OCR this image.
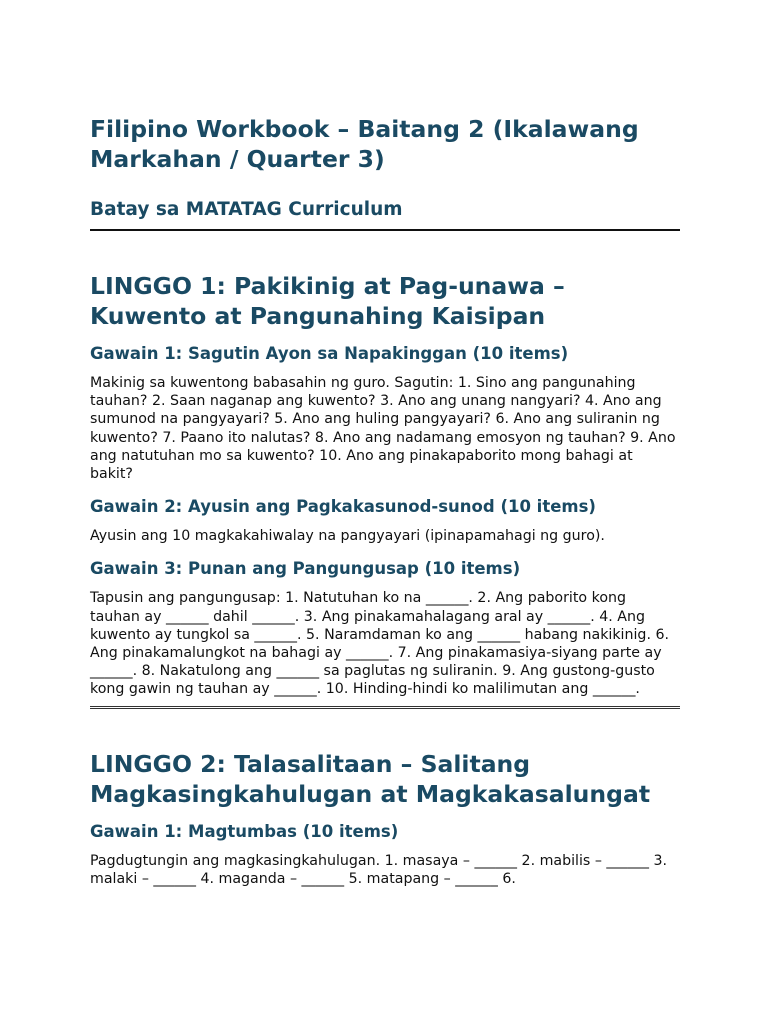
Filipino Workbook – Baitang 2 (Ikalawang Markahan / Quarter 3)
Batay sa MATATAG Curriculum
LINGGO 1: Pakikinig at Pag-unawa – Kuwento at Pangunahing Kaisipan
Gawain 1: Sagutin Ayon sa Napakinggan (10 items)

Makinig sa kuwentong babasahin ng guro. Sagutin: 1. Sino ang pangunahing tauhan? 2. Saan naganap ang kuwento? 3. Ano ang unang nangyari? 4. Ano ang sumunod na pangyayari? 5. Ano ang huling pangyayari? 6. Ano ang suliranin ng kuwento? 7. Paano ito nalutas? 8. Ano ang nadamang emosyon ng tauhan? 9. Ano ang natutuhan mo sa kuwento? 10. Ano ang pinakapaborito mong bahagi at bakit?

Gawain 2: Ayusin ang Pagkakasunod-sunod (10 items)

Ayusin ang 10 magkakahiwalay na pangyayari (ipinapamahagi ng guro).

Gawain 3: Punan ang Pangungusap (10 items)

Tapusin ang pangungusap: 1. Natutuhan ko na ______. 2. Ang paborito kong tauhan ay ______ dahil ______. 3. Ang pinakamahalagang aral ay ______. 4. Ang kuwento ay tungkol sa ______. 5. Naramdaman ko ang ______ habang nakikinig. 6. Ang pinakamalungkot na bahagi ay ______. 7. Ang pinakamasiya-siyang parte ay ______. 8. Nakatulong ang ______ sa paglutas ng suliranin. 9. Ang gustong-gusto kong gawin ng tauhan ay ______. 10. Hinding-hindi ko malilimutan ang ______.

LINGGO 2: Talasalitaan – Salitang Magkasingkahulugan at Magkakasalungat
Gawain 1: Magtumbas (10 items)

Pagdugtungin ang magkasingkahulugan. 1. masaya – ______ 2. mabilis – ______ 3. malaki – ______ 4. maganda – ______ 5. matapang – ______ 6.
